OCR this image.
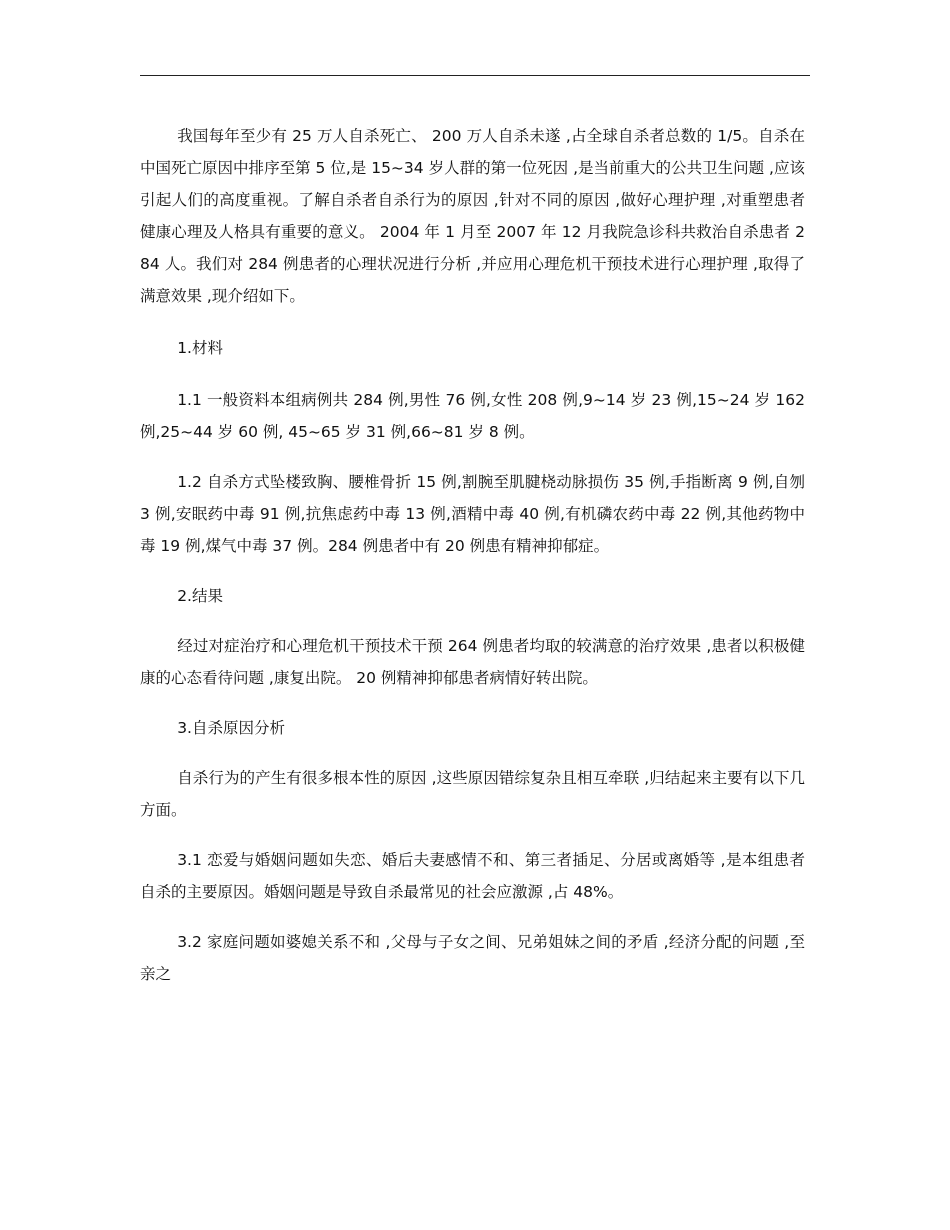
我国每年至少有 25 万人自杀死亡、 200 万人自杀未遂 ,占全球自杀者总数的 1/5。自杀在中国死亡原因中排序至第 5 位,是 15~34 岁人群的第一位死因 ,是当前重大的公共卫生问题 ,应该引起人们的高度重视。了解自杀者自杀行为的原因 ,针对不同的原因 ,做好心理护理 ,对重塑患者健康心理及人格具有重要的意义。 2004 年 1 月至 2007 年 12 月我院急诊科共救治自杀患者 284 人。我们对 284 例患者的心理状况进行分析 ,并应用心理危机干预技术进行心理护理 ,取得了满意效果 ,现介绍如下。

1.材料

1.1 一般资料本组病例共 284 例,男性 76 例,女性 208 例,9~14 岁 23 例,15~24 岁 162 例,25~44 岁 60 例, 45~65 岁 31 例,66~81 岁 8 例。

1.2 自杀方式坠楼致胸、腰椎骨折 15 例,割腕至肌腱桡动脉损伤 35 例,手指断离 9 例,自刎 3 例,安眠药中毒 91 例,抗焦虑药中毒 13 例,酒精中毒 40 例,有机磷农药中毒 22 例,其他药物中毒 19 例,煤气中毒 37 例。284 例患者中有 20 例患有精神抑郁症。

2.结果

经过对症治疗和心理危机干预技术干预 264 例患者均取的较满意的治疗效果 ,患者以积极健康的心态看待问题 ,康复出院。 20 例精神抑郁患者病情好转出院。

3.自杀原因分析

自杀行为的产生有很多根本性的原因 ,这些原因错综复杂且相互牵联 ,归结起来主要有以下几方面。

3.1 恋爱与婚姻问题如失恋、婚后夫妻感情不和、第三者插足、分居或离婚等 ,是本组患者自杀的主要原因。婚姻问题是导致自杀最常见的社会应激源 ,占 48%。

3.2 家庭问题如婆媳关系不和 ,父母与子女之间、兄弟姐妹之间的矛盾 ,经济分配的问题 ,至亲之
